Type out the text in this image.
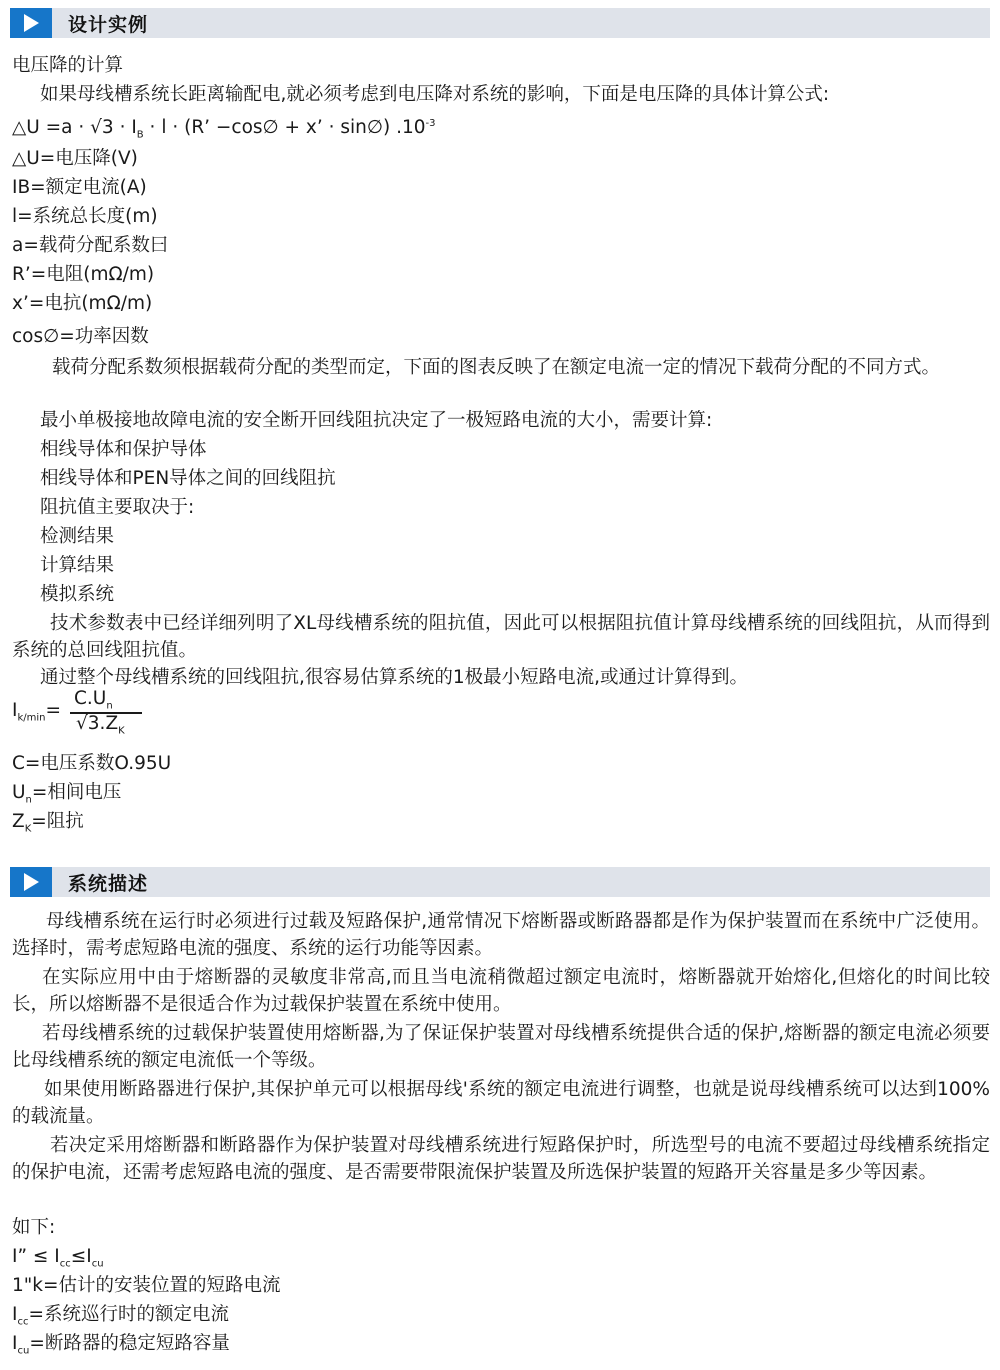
设计实例
电压降的计算
如果母线槽系统长距离输配电,就必须考虑到电压降对系统的影响，下面是电压降的具体计算公式:
△U $=a \cdot √3 \cdot I_B \cdot l \cdot (R$’ −cos∅ + x’ · sin∅) $.10^{-3}$
△U=电压降(V)
IB=额定电流(A)
l=系统总长度(m)
a=载荷分配系数曰
R’=电阻(mΩ/m)
x’=电抗(mΩ/m)
cos∅=功率因数
载荷分配系数须根据载荷分配的类型而定，下面的图表反映了在额定电流一定的情况下载荷分配的不同方式。
最小单极接地故障电流的安全断开回线阻抗决定了一极短路电流的大小，需要计算:
相线导体和保护导体
相线导体和PEN导体之间的回线阻抗
阻抗值主要取决于:
检测结果
计算结果
模拟系统
技术参数表中已经详细列明了XL母线槽系统的阻抗值，因此可以根据阻抗值计算母线槽系统的回线阻抗，从而得到系统的总回线阻抗值。
通过整个母线槽系统的回线阻抗,很容易估算系统的1极最小短路电流,或通过计算得到。
$I_{k/min}=$
$C.U_n$
$√3.Z_K$
C=电压系数O.95U
$U_n=$相间电压
$Z_K=$阻抗
系统描述
母线槽系统在运行时必须进行过载及短路保护,通常情况下熔断器或断路器都是作为保护装置而在系统中广泛使用。选择时，需考虑短路电流的强度、系统的运行功能等因素。
在实际应用中由于熔断器的灵敏度非常高,而且当电流稍微超过额定电流时，熔断器就开始熔化,但熔化的时间比较长，所以熔断器不是很适合作为过载保护装置在系统中使用。
若母线槽系统的过载保护装置使用熔断器,为了保证保护装置对母线槽系统提供合适的保护,熔断器的额定电流必须要比母线槽系统的额定电流低一个等级。
如果使用断路器进行保护,其保护单元可以根据母线'系统的额定电流进行调整，也就是说母线槽系统可以达到100%的载流量。
若决定采用熔断器和断路器作为保护装置对母线槽系统进行短路保护时，所选型号的电流不要超过母线槽系统指定的保护电流，还需考虑短路电流的强度、是否需要带限流保护装置及所选保护装置的短路开关容量是多少等因素。
如下:
I” ≤ $I_{cc}\le I_{cu}$
1"k=估计的安装位置的短路电流
$I_{cc}=$系统巡行时的额定电流
$I_{cu}=$断路器的稳定短路容量
